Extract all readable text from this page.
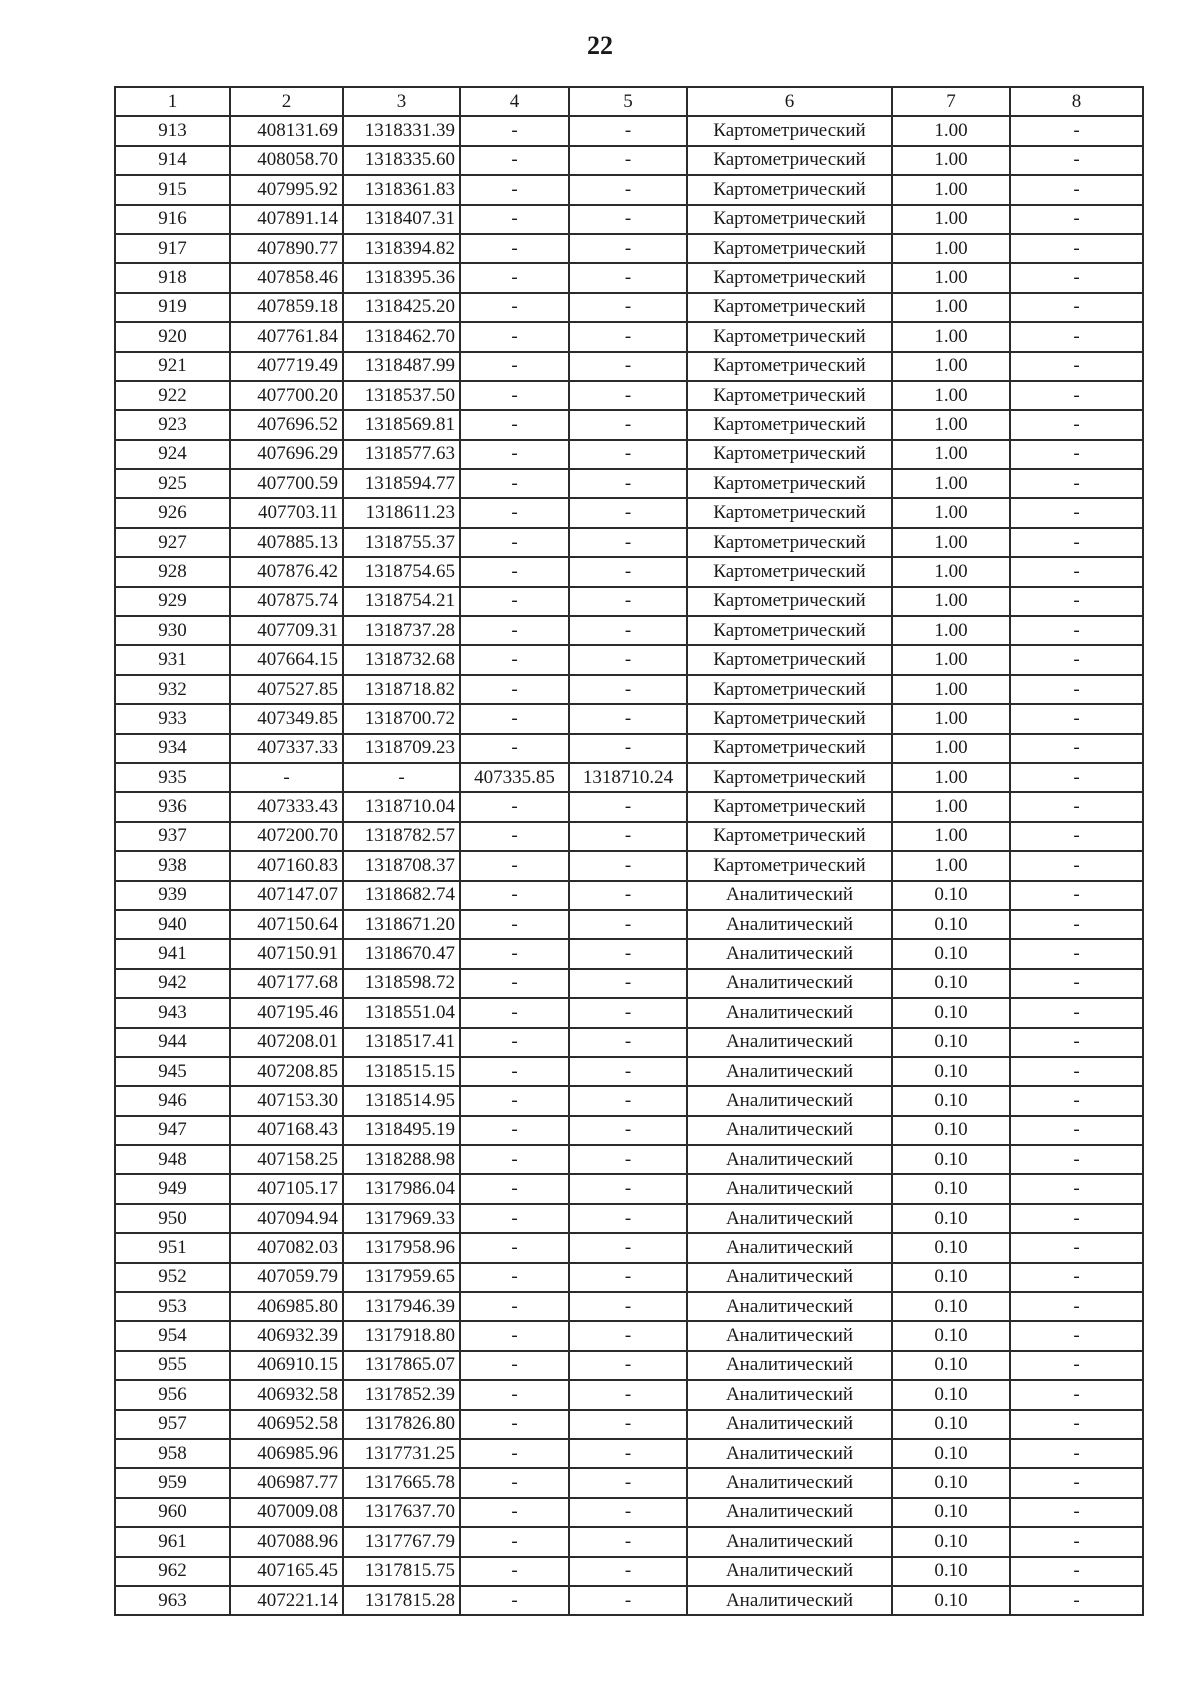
22
1	2	3	4	5	6	7	8
913	408131.69	1318331.39	-	-	Картометрический	1.00	-
914	408058.70	1318335.60	-	-	Картометрический	1.00	-
915	407995.92	1318361.83	-	-	Картометрический	1.00	-
916	407891.14	1318407.31	-	-	Картометрический	1.00	-
917	407890.77	1318394.82	-	-	Картометрический	1.00	-
918	407858.46	1318395.36	-	-	Картометрический	1.00	-
919	407859.18	1318425.20	-	-	Картометрический	1.00	-
920	407761.84	1318462.70	-	-	Картометрический	1.00	-
921	407719.49	1318487.99	-	-	Картометрический	1.00	-
922	407700.20	1318537.50	-	-	Картометрический	1.00	-
923	407696.52	1318569.81	-	-	Картометрический	1.00	-
924	407696.29	1318577.63	-	-	Картометрический	1.00	-
925	407700.59	1318594.77	-	-	Картометрический	1.00	-
926	407703.11	1318611.23	-	-	Картометрический	1.00	-
927	407885.13	1318755.37	-	-	Картометрический	1.00	-
928	407876.42	1318754.65	-	-	Картометрический	1.00	-
929	407875.74	1318754.21	-	-	Картометрический	1.00	-
930	407709.31	1318737.28	-	-	Картометрический	1.00	-
931	407664.15	1318732.68	-	-	Картометрический	1.00	-
932	407527.85	1318718.82	-	-	Картометрический	1.00	-
933	407349.85	1318700.72	-	-	Картометрический	1.00	-
934	407337.33	1318709.23	-	-	Картометрический	1.00	-
935	-	-	407335.85	1318710.24	Картометрический	1.00	-
936	407333.43	1318710.04	-	-	Картометрический	1.00	-
937	407200.70	1318782.57	-	-	Картометрический	1.00	-
938	407160.83	1318708.37	-	-	Картометрический	1.00	-
939	407147.07	1318682.74	-	-	Аналитический	0.10	-
940	407150.64	1318671.20	-	-	Аналитический	0.10	-
941	407150.91	1318670.47	-	-	Аналитический	0.10	-
942	407177.68	1318598.72	-	-	Аналитический	0.10	-
943	407195.46	1318551.04	-	-	Аналитический	0.10	-
944	407208.01	1318517.41	-	-	Аналитический	0.10	-
945	407208.85	1318515.15	-	-	Аналитический	0.10	-
946	407153.30	1318514.95	-	-	Аналитический	0.10	-
947	407168.43	1318495.19	-	-	Аналитический	0.10	-
948	407158.25	1318288.98	-	-	Аналитический	0.10	-
949	407105.17	1317986.04	-	-	Аналитический	0.10	-
950	407094.94	1317969.33	-	-	Аналитический	0.10	-
951	407082.03	1317958.96	-	-	Аналитический	0.10	-
952	407059.79	1317959.65	-	-	Аналитический	0.10	-
953	406985.80	1317946.39	-	-	Аналитический	0.10	-
954	406932.39	1317918.80	-	-	Аналитический	0.10	-
955	406910.15	1317865.07	-	-	Аналитический	0.10	-
956	406932.58	1317852.39	-	-	Аналитический	0.10	-
957	406952.58	1317826.80	-	-	Аналитический	0.10	-
958	406985.96	1317731.25	-	-	Аналитический	0.10	-
959	406987.77	1317665.78	-	-	Аналитический	0.10	-
960	407009.08	1317637.70	-	-	Аналитический	0.10	-
961	407088.96	1317767.79	-	-	Аналитический	0.10	-
962	407165.45	1317815.75	-	-	Аналитический	0.10	-
963	407221.14	1317815.28	-	-	Аналитический	0.10	-
